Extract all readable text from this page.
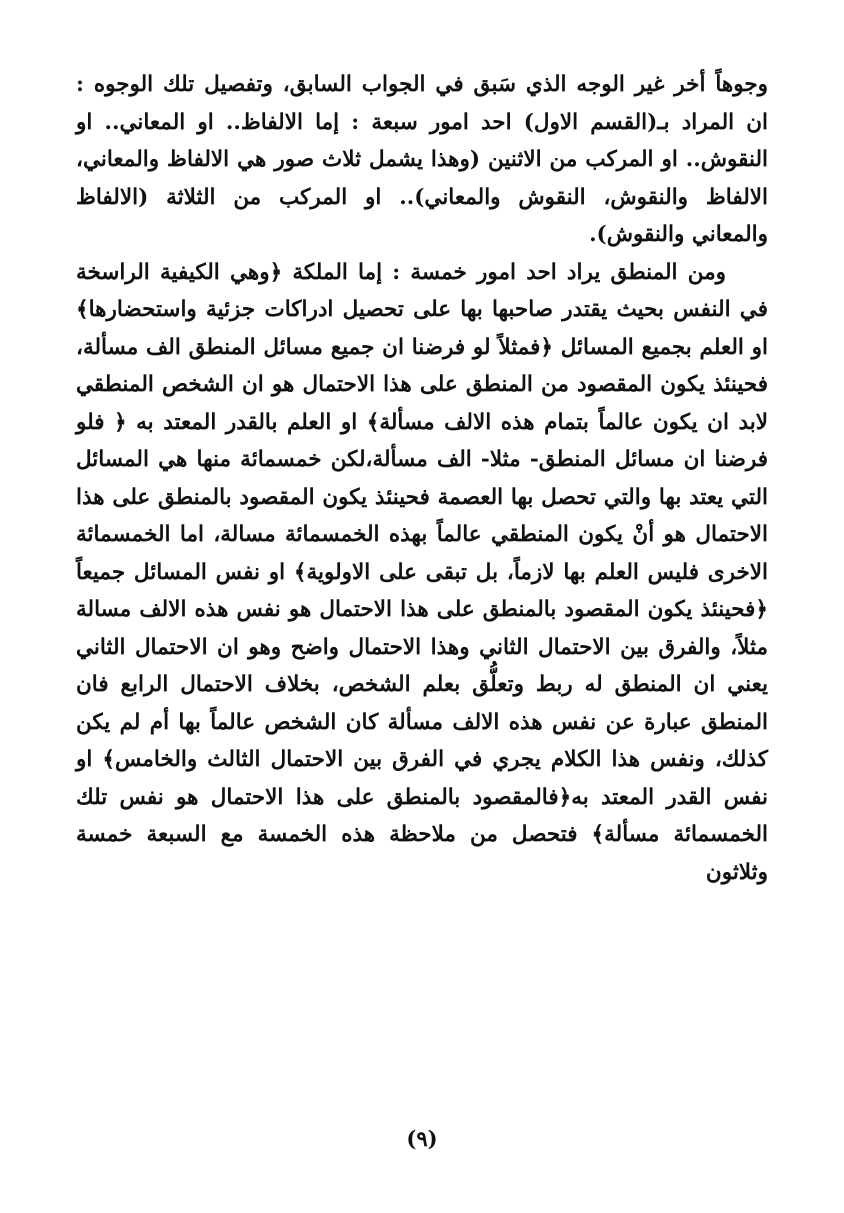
وجوهاً أخر غير الوجه الذي سَبق في الجواب السابق، وتفصيل تلك الوجوه : ان المراد بـ(القسم الاول) احد امور سبعة : إما الالفاظ.. او المعاني.. او النقوش.. او المركب من الاثنين (وهذا يشمل ثلاث صور هي الالفاظ والمعاني، الالفاظ والنقوش، النقوش والمعاني).. او المركب من الثلاثة (الالفاظ والمعاني والنقوش).

ومن المنطق يراد احد امور خمسة : إما الملكة ﴿وهي الكيفية الراسخة في النفس بحيث يقتدر صاحبها بها على تحصيل ادراكات جزئية واستحضارها﴾ او العلم بجميع المسائل ﴿فمثلاً لو فرضنا ان جميع مسائل المنطق الف مسألة، فحينئذ يكون المقصود من المنطق على هذا الاحتمال هو ان الشخص المنطقي لابد ان يكون عالماً بتمام هذه الالف مسألة﴾ او العلم بالقدر المعتد به ﴿ فلو فرضنا ان مسائل المنطق- مثلا- الف مسألة،لكن خمسمائة منها هي المسائل التي يعتد بها والتي تحصل بها العصمة فحينئذ يكون المقصود بالمنطق على هذا الاحتمال هو أنْ يكون المنطقي عالماً بهذه الخمسمائة مسالة، اما الخمسمائة الاخرى فليس العلم بها لازماً، بل تبقى على الاولوية﴾ او نفس المسائل جميعاً ﴿فحينئذ يكون المقصود بالمنطق على هذا الاحتمال هو نفس هذه الالف مسالة مثلاً، والفرق بين الاحتمال الثاني وهذا الاحتمال واضح وهو ان الاحتمال الثاني يعني ان المنطق له ربط وتعلُّق بعلم الشخص، بخلاف الاحتمال الرابع فان المنطق عبارة عن نفس هذه الالف مسألة كان الشخص عالماً بها أم لم يكن كذلك، ونفس هذا الكلام يجري في الفرق بين الاحتمال الثالث والخامس﴾ او نفس القدر المعتد به﴿فالمقصود بالمنطق على هذا الاحتمال هو نفس تلك الخمسمائة مسألة﴾ فتحصل من ملاحظة هذه الخمسة مع السبعة خمسة وثلاثون

(٩)
